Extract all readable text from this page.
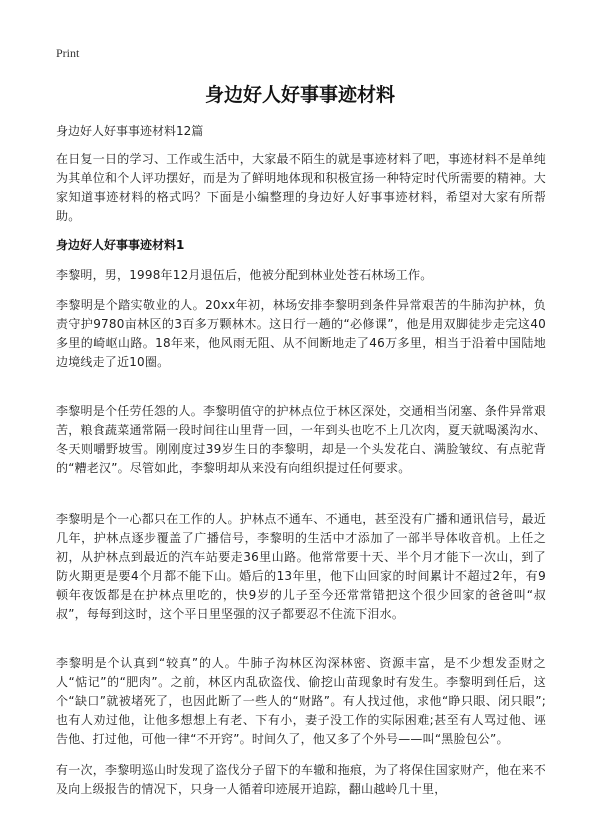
Print
身边好人好事事迹材料
身边好人好事事迹材料12篇

在日复一日的学习、工作或生活中，大家最不陌生的就是事迹材料了吧，事迹材料不是单纯为其单位和个人评功摆好，而是为了鲜明地体现和积极宣扬一种特定时代所需要的精神。大家知道事迹材料的格式吗？下面是小编整理的身边好人好事事迹材料，希望对大家有所帮助。

身边好人好事事迹材料1

李黎明，男，1998年12月退伍后，他被分配到林业处苍石林场工作。

李黎明是个踏实敬业的人。20xx年初，林场安排李黎明到条件异常艰苦的牛肺沟护林，负责守护9780亩林区的3百多万颗林木。这日行一趟的“必修课”，他是用双脚徒步走完这40多里的崎岖山路。18年来，他风雨无阻、从不间断地走了46万多里，相当于沿着中国陆地边境线走了近10圈。

李黎明是个任劳任怨的人。李黎明值守的护林点位于林区深处，交通相当闭塞、条件异常艰苦，粮食蔬菜通常隔一段时间往山里背一回，一年到头也吃不上几次肉，夏天就喝溪沟水、冬天则嚼野坡雪。刚刚度过39岁生日的李黎明，却是一个头发花白、满脸皱纹、有点驼背的“糟老汉”。尽管如此，李黎明却从来没有向组织提过任何要求。

李黎明是个一心都只在工作的人。护林点不通车、不通电，甚至没有广播和通讯信号，最近几年，护林点逐步覆盖了广播信号，李黎明的生活中才添加了一部半导体收音机。上任之初，从护林点到最近的汽车站要走36里山路。他常常要十天、半个月才能下一次山，到了防火期更是要4个月都不能下山。婚后的13年里，他下山回家的时间累计不超过2年，有9顿年夜饭都是在护林点里吃的，快9岁的儿子至今还常常错把这个很少回家的爸爸叫“叔叔”，每每到这时，这个平日里坚强的汉子都要忍不住流下泪水。

李黎明是个认真到“较真”的人。牛肺子沟林区沟深林密、资源丰富，是不少想发歪财之人“惦记”的“肥肉”。之前，林区内乱砍盗伐、偷挖山苗现象时有发生。李黎明到任后，这个“缺口”就被堵死了，也因此断了一些人的“财路”。有人找过他，求他“睁只眼、闭只眼”;也有人劝过他，让他多想想上有老、下有小，妻子没工作的实际困难;甚至有人骂过他、诬告他、打过他，可他一律“不开窍”。时间久了，他又多了个外号——叫“黑脸包公”。

有一次，李黎明巡山时发现了盗伐分子留下的车辙和拖痕，为了将保住国家财产，他在来不及向上级报告的情况下，只身一人循着印迹展开追踪，翻山越岭几十里，
